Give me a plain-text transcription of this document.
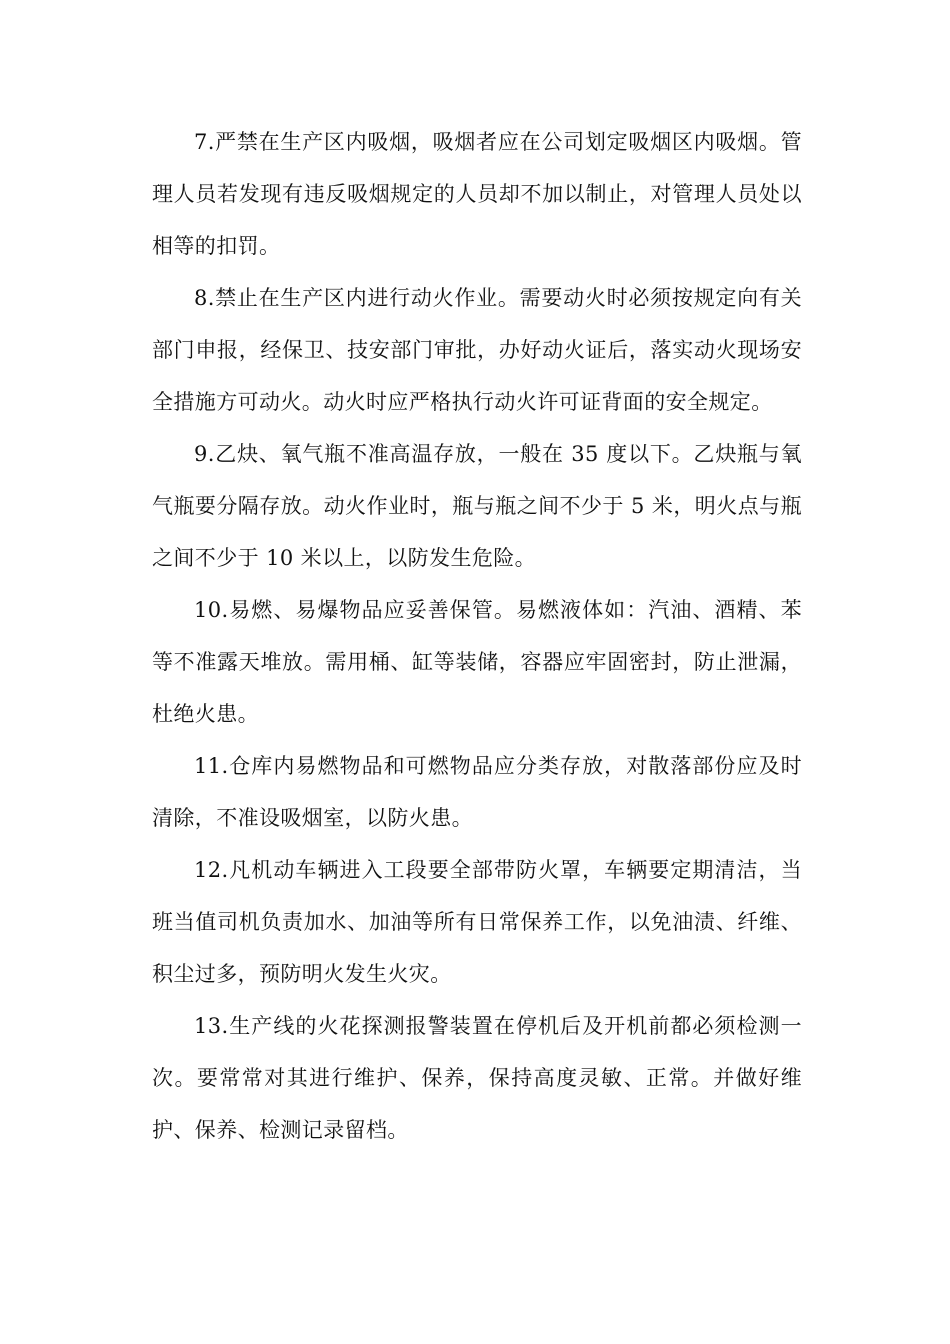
7.严禁在生产区内吸烟，吸烟者应在公司划定吸烟区内吸烟。管理人员若发现有违反吸烟规定的人员却不加以制止，对管理人员处以相等的扣罚。

8.禁止在生产区内进行动火作业。需要动火时必须按规定向有关部门申报，经保卫、技安部门审批，办好动火证后，落实动火现场安全措施方可动火。动火时应严格执行动火许可证背面的安全规定。

9.乙炔、氧气瓶不准高温存放，一般在 35 度以下。乙炔瓶与氧气瓶要分隔存放。动火作业时，瓶与瓶之间不少于 5 米，明火点与瓶之间不少于 10 米以上，以防发生危险。

10.易燃、易爆物品应妥善保管。易燃液体如：汽油、酒精、苯等不准露天堆放。需用桶、缸等装储，容器应牢固密封，防止泄漏，杜绝火患。

11.仓库内易燃物品和可燃物品应分类存放，对散落部份应及时清除，不准设吸烟室，以防火患。

12.凡机动车辆进入工段要全部带防火罩，车辆要定期清洁，当班当值司机负责加水、加油等所有日常保养工作，以免油渍、纤维、积尘过多，预防明火发生火灾。

13.生产线的火花探测报警装置在停机后及开机前都必须检测一次。要常常对其进行维护、保养，保持高度灵敏、正常。并做好维护、保养、检测记录留档。
